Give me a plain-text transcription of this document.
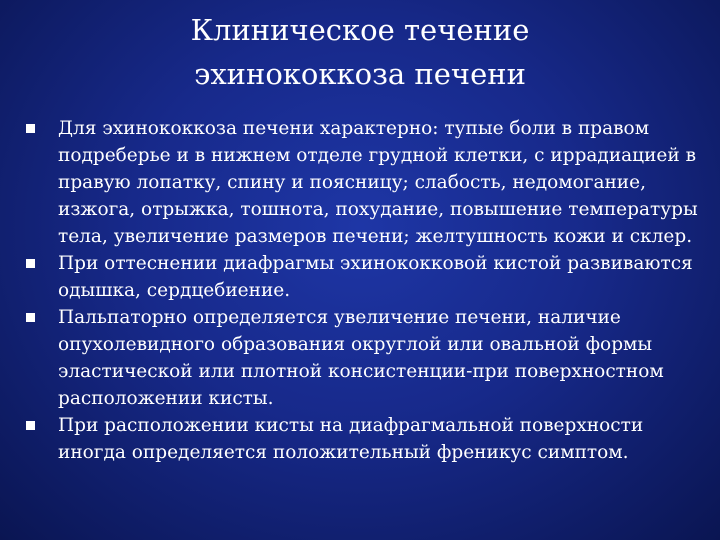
Клиническое течение
эхинококкоза печени
Для эхинококкоза печени характерно: тупые боли в правом подреберье и в нижнем отделе грудной клетки, с иррадиацией в правую лопатку, спину и поясницу; слабость, недомогание, изжога, отрыжка, тошнота, похудание, повышение температуры тела, увеличение размеров печени; желтушность кожи и склер.
При оттеснении диафрагмы эхинококковой кистой развиваются одышка, сердцебиение.
Пальпаторно определяется увеличение печени, наличие опухолевидного образования округлой или овальной формы эластической или плотной консистенции-при поверхностном расположении кисты.
При расположении кисты на диафрагмальной поверхности иногда определяется положительный френикус симптом.
